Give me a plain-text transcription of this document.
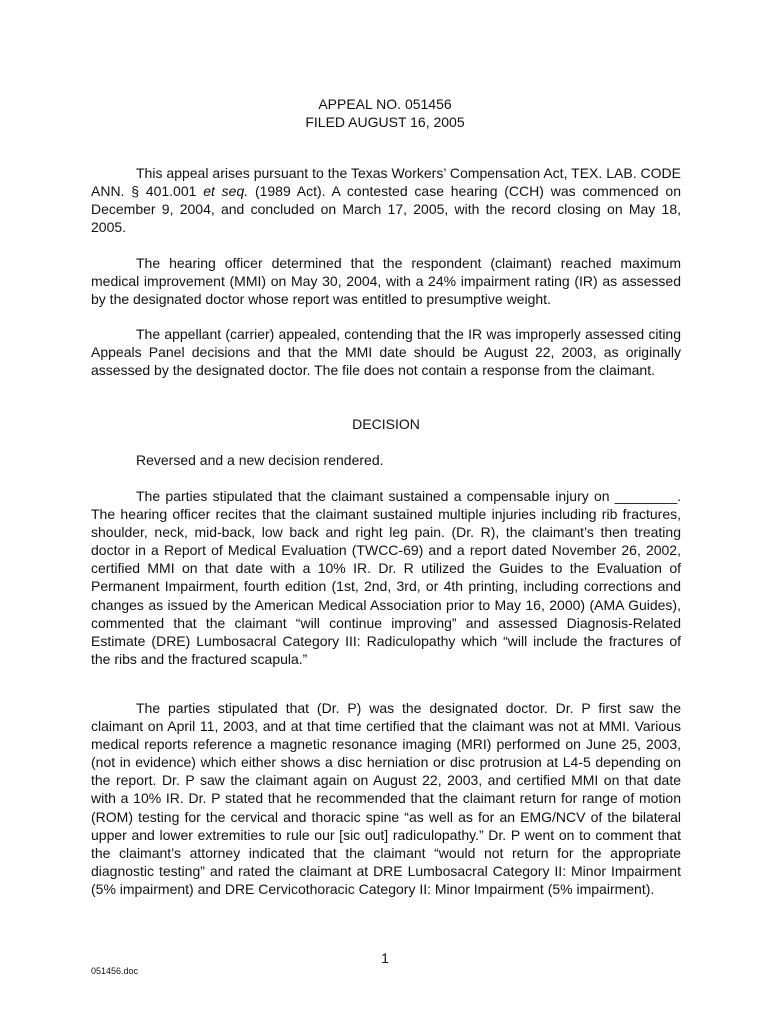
APPEAL NO. 051456
FILED AUGUST 16, 2005

This appeal arises pursuant to the Texas Workers’ Compensation Act, TEX. LAB. CODE ANN. § 401.001 et seq. (1989 Act). A contested case hearing (CCH) was commenced on December 9, 2004, and concluded on March 17, 2005, with the record closing on May 18, 2005.

The hearing officer determined that the respondent (claimant) reached maximum medical improvement (MMI) on May 30, 2004, with a 24% impairment rating (IR) as assessed by the designated doctor whose report was entitled to presumptive weight.

The appellant (carrier) appealed, contending that the IR was improperly assessed citing Appeals Panel decisions and that the MMI date should be August 22, 2003, as originally assessed by the designated doctor. The file does not contain a response from the claimant.

DECISION

Reversed and a new decision rendered.

The parties stipulated that the claimant sustained a compensable injury on ________. The hearing officer recites that the claimant sustained multiple injuries including rib fractures, shoulder, neck, mid-back, low back and right leg pain. (Dr. R), the claimant’s then treating doctor in a Report of Medical Evaluation (TWCC-69) and a report dated November 26, 2002, certified MMI on that date with a 10% IR. Dr. R utilized the Guides to the Evaluation of Permanent Impairment, fourth edition (1st, 2nd, 3rd, or 4th printing, including corrections and changes as issued by the American Medical Association prior to May 16, 2000) (AMA Guides), commented that the claimant “will continue improving” and assessed Diagnosis-Related Estimate (DRE) Lumbosacral Category III: Radiculopathy which “will include the fractures of the ribs and the fractured scapula.”

The parties stipulated that (Dr. P) was the designated doctor. Dr. P first saw the claimant on April 11, 2003, and at that time certified that the claimant was not at MMI. Various medical reports reference a magnetic resonance imaging (MRI) performed on June 25, 2003, (not in evidence) which either shows a disc herniation or disc protrusion at L4-5 depending on the report. Dr. P saw the claimant again on August 22, 2003, and certified MMI on that date with a 10% IR. Dr. P stated that he recommended that the claimant return for range of motion (ROM) testing for the cervical and thoracic spine “as well as for an EMG/NCV of the bilateral upper and lower extremities to rule our [sic out] radiculopathy.” Dr. P went on to comment that the claimant’s attorney indicated that the claimant “would not return for the appropriate diagnostic testing” and rated the claimant at DRE Lumbosacral Category II: Minor Impairment (5% impairment) and DRE Cervicothoracic Category II: Minor Impairment (5% impairment).

1
051456.doc
